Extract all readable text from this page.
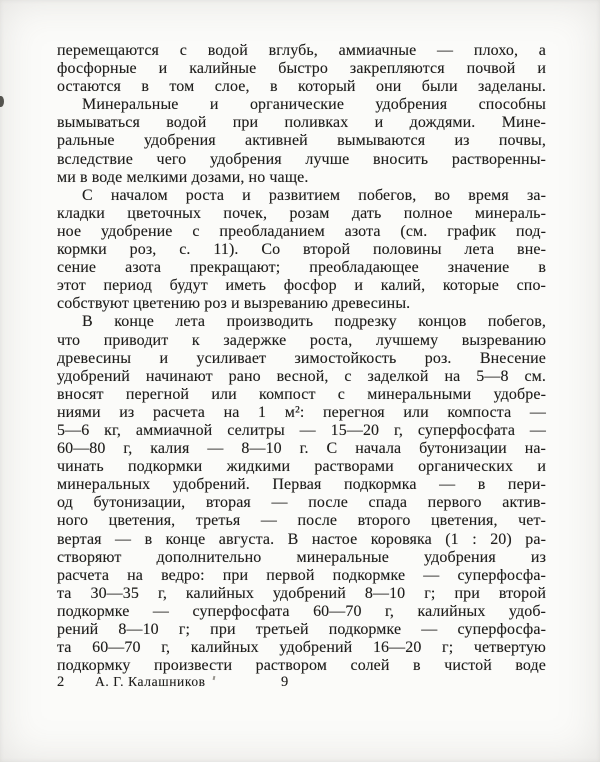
перемещаются с водой вглубь, аммиачные — плохо, а
фосфорные и калийные быстро закрепляются почвой и
остаются в том слое, в который они были заделаны.
Минеральные и органические удобрения способны
вымываться водой при поливках и дождями. Мине-
ральные удобрения активней вымываются из почвы,
вследствие чего удобрения лучше вносить растворенны-
ми в воде мелкими дозами, но чаще.
С началом роста и развитием побегов, во время за-
кладки цветочных почек, розам дать полное минераль-
ное удобрение с преобладанием азота (см. график под-
кормки роз, с. 11). Со второй половины лета вне-
сение азота прекращают; преобладающее значение в
этот период будут иметь фосфор и калий, которые спо-
собствуют цветению роз и вызреванию древесины.
В конце лета производить подрезку концов побегов,
что приводит к задержке роста, лучшему вызреванию
древесины и усиливает зимостойкость роз. Внесение
удобрений начинают рано весной, с заделкой на 5—8 см.
вносят перегной или компост с минеральными удобре-
ниями из расчета на 1 м²: перегноя или компоста —
5—6 кг, аммиачной селитры — 15—20 г, суперфосфата —
60—80 г, калия — 8—10 г. С начала бутонизации на-
чинать подкормки жидкими растворами органических и
минеральных удобрений. Первая подкормка — в пери-
од бутонизации, вторая — после спада первого актив-
ного цветения, третья — после второго цветения, чет-
вертая — в конце августа. В настое коровяка (1 : 20) ра-
створяют дополнительно минеральные удобрения из
расчета на ведро: при первой подкормке — суперфосфа-
та 30—35 г, калийных удобрений 8—10 г; при второй
подкормке — суперфосфата 60—70 г, калийных удоб-
рений 8—10 г; при третьей подкормке — суперфосфа-
та 60—70 г, калийных удобрений 16—20 г; четвертую
подкормку произвести раствором солей в чистой воде
2 А. Г. Калашников	9
